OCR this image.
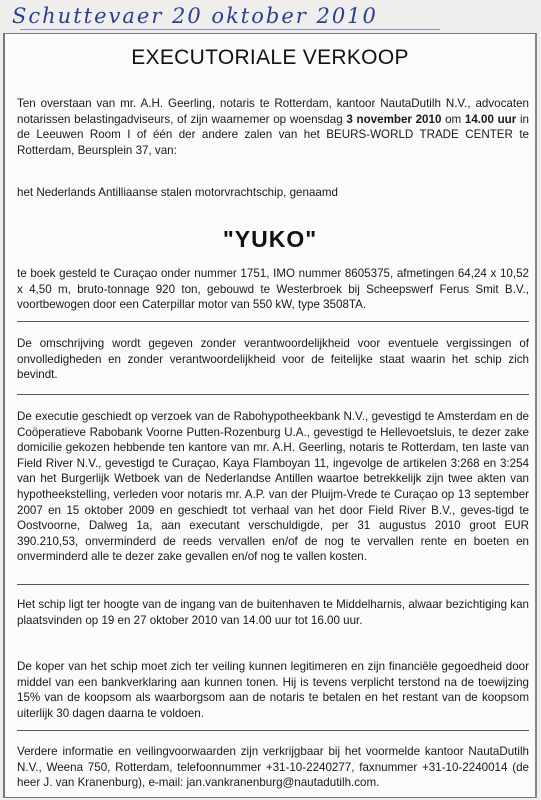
Schuttevaer 20 oktober 2010
EXECUTORIALE VERKOOP
Ten overstaan van mr. A.H. Geerling, notaris te Rotterdam, kantoor NautaDutilh N.V., advocaten notarissen belastingadviseurs, of zijn waarnemer op woensdag 3 november 2010 om 14.00 uur in de Leeuwen Room I of één der andere zalen van het BEURS-WORLD TRADE CENTER te Rotterdam, Beursplein 37, van:
het Nederlands Antilliaanse stalen motorvrachtschip, genaamd
"YUKO"
te boek gesteld te Curaçao onder nummer 1751, IMO nummer 8605375, afmetingen 64,24 x 10,52 x 4,50 m, bruto-tonnage 920 ton, gebouwd te Westerbroek bij Scheepswerf Ferus Smit B.V., voortbewogen door een Caterpillar motor van 550 kW, type 3508TA.
De omschrijving wordt gegeven zonder verantwoordelijkheid voor eventuele vergissingen of onvolledigheden en zonder verantwoordelijkheid voor de feitelijke staat waarin het schip zich bevindt.
De executie geschiedt op verzoek van de Rabohypotheekbank N.V., gevestigd te Amsterdam en de Coöperatieve Rabobank Voorne Putten-Rozenburg U.A., gevestigd te Hellevoetsluis, te dezer zake domicilie gekozen hebbende ten kantore van mr. A.H. Geerling, notaris te Rotterdam, ten laste van Field River N.V., gevestigd te Curaçao, Kaya Flamboyan 11, ingevolge de artikelen 3:268 en 3:254 van het Burgerlijk Wetboek van de Nederlandse Antillen waartoe betrekkelijk zijn twee akten van hypotheekstelling, verleden voor notaris mr. A.P. van der Pluijm-Vrede te Curaçao op 13 september 2007 en 15 oktober 2009 en geschiedt tot verhaal van het door Field River B.V., geves-tigd te Oostvoorne, Dalweg 1a, aan executant verschuldigde, per 31 augustus 2010 groot EUR 390.210,53, onverminderd de reeds vervallen en/of de nog te vervallen rente en boeten en onverminderd alle te dezer zake gevallen en/of nog te vallen kosten.
Het schip ligt ter hoogte van de ingang van de buitenhaven te Middelharnis, alwaar bezichtiging kan plaatsvinden op 19 en 27 oktober 2010 van 14.00 uur tot 16.00 uur.
De koper van het schip moet zich ter veiling kunnen legitimeren en zijn financiële gegoedheid door middel van een bankverklaring aan kunnen tonen. Hij is tevens verplicht terstond na de toewijzing 15% van de koopsom als waarborgsom aan de notaris te betalen en het restant van de koopsom uiterlijk 30 dagen daarna te voldoen.
Verdere informatie en veilingvoorwaarden zijn verkrijgbaar bij het voormelde kantoor NautaDutilh N.V., Weena 750, Rotterdam, telefoonnummer +31-10-2240277, faxnummer +31-10-2240014 (de heer J. van Kranenburg), e-mail: jan.vankranenburg@nautadutilh.com.
